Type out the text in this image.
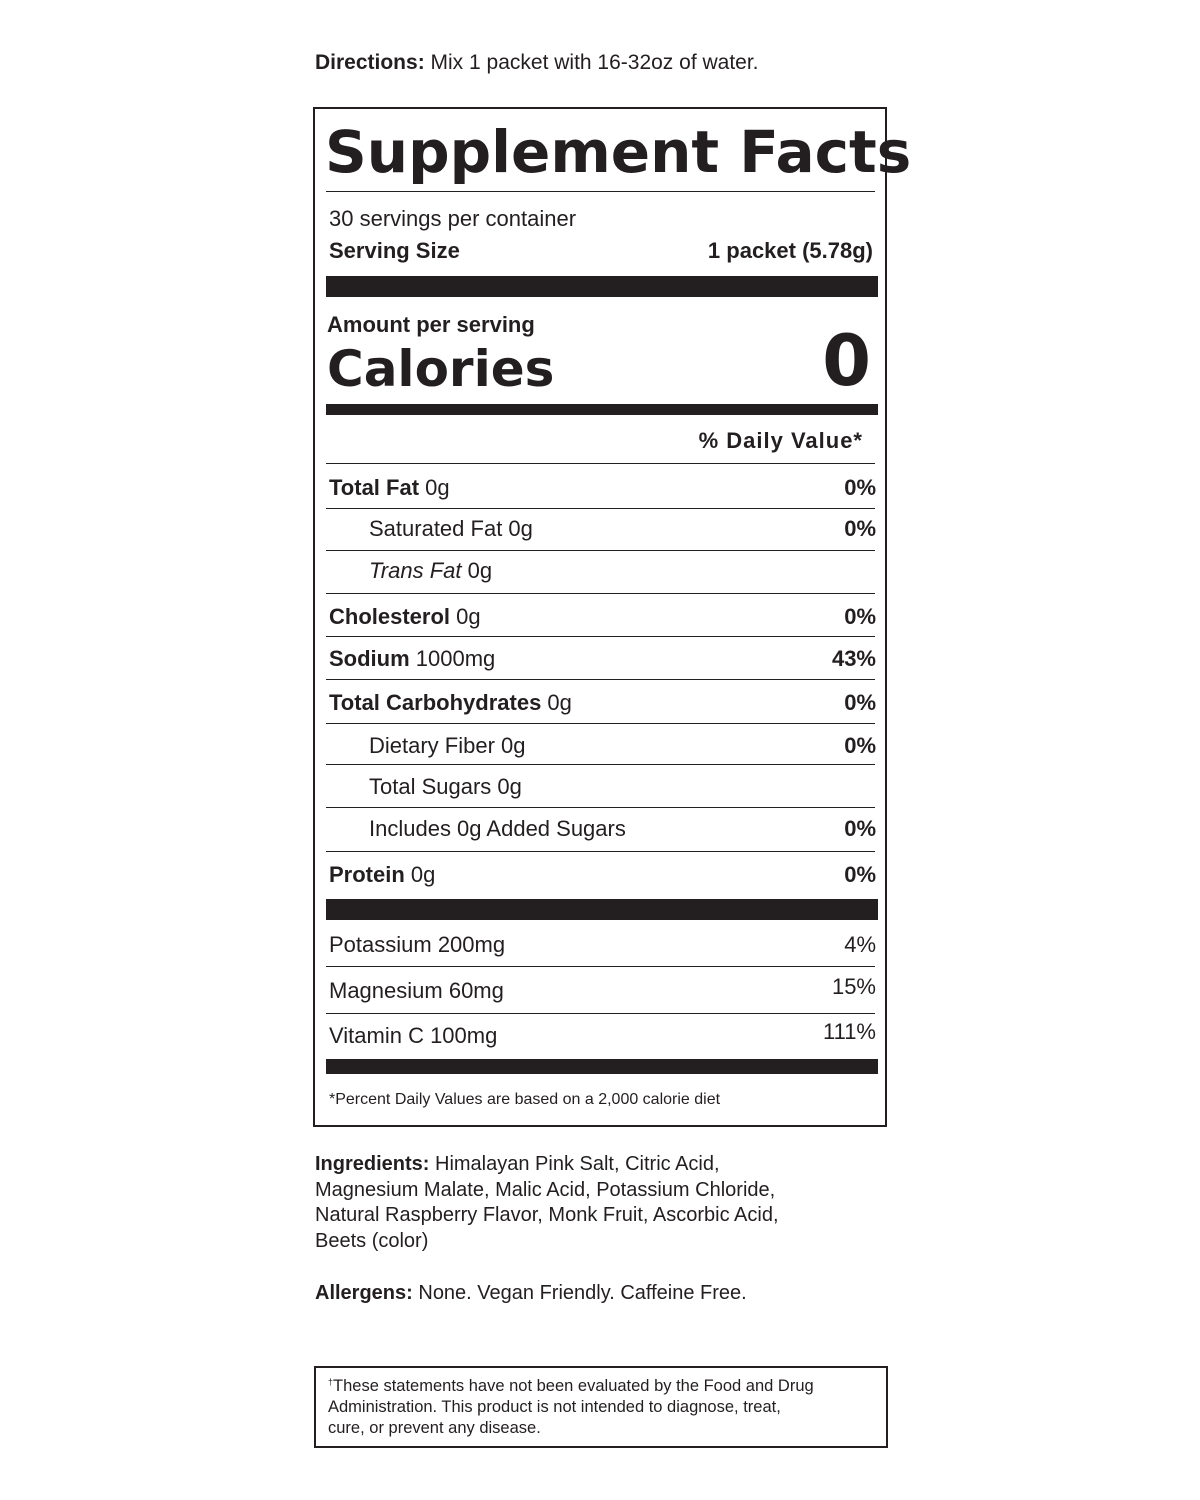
Directions: Mix 1 packet with 16-32oz of water.
Supplement Facts
30 servings per container
Serving Size	1 packet (5.78g)
Amount per serving
Calories	0
% Daily Value*
Total Fat 0g	0%
Saturated Fat 0g	0%
Trans Fat 0g
Cholesterol 0g	0%
Sodium 1000mg	43%
Total Carbohydrates 0g	0%
Dietary Fiber 0g	0%
Total Sugars 0g
Includes 0g Added Sugars	0%
Protein 0g	0%
Potassium 200mg	4%
Magnesium 60mg	15%
Vitamin C 100mg	111%
*Percent Daily Values are based on a 2,000 calorie diet
Ingredients: Himalayan Pink Salt, Citric Acid,
Magnesium Malate, Malic Acid, Potassium Chloride,
Natural Raspberry Flavor, Monk Fruit, Ascorbic Acid,
Beets (color)
Allergens: None. Vegan Friendly. Caffeine Free.
†These statements have not been evaluated by the Food and Drug
Administration. This product is not intended to diagnose, treat,
cure, or prevent any disease.
